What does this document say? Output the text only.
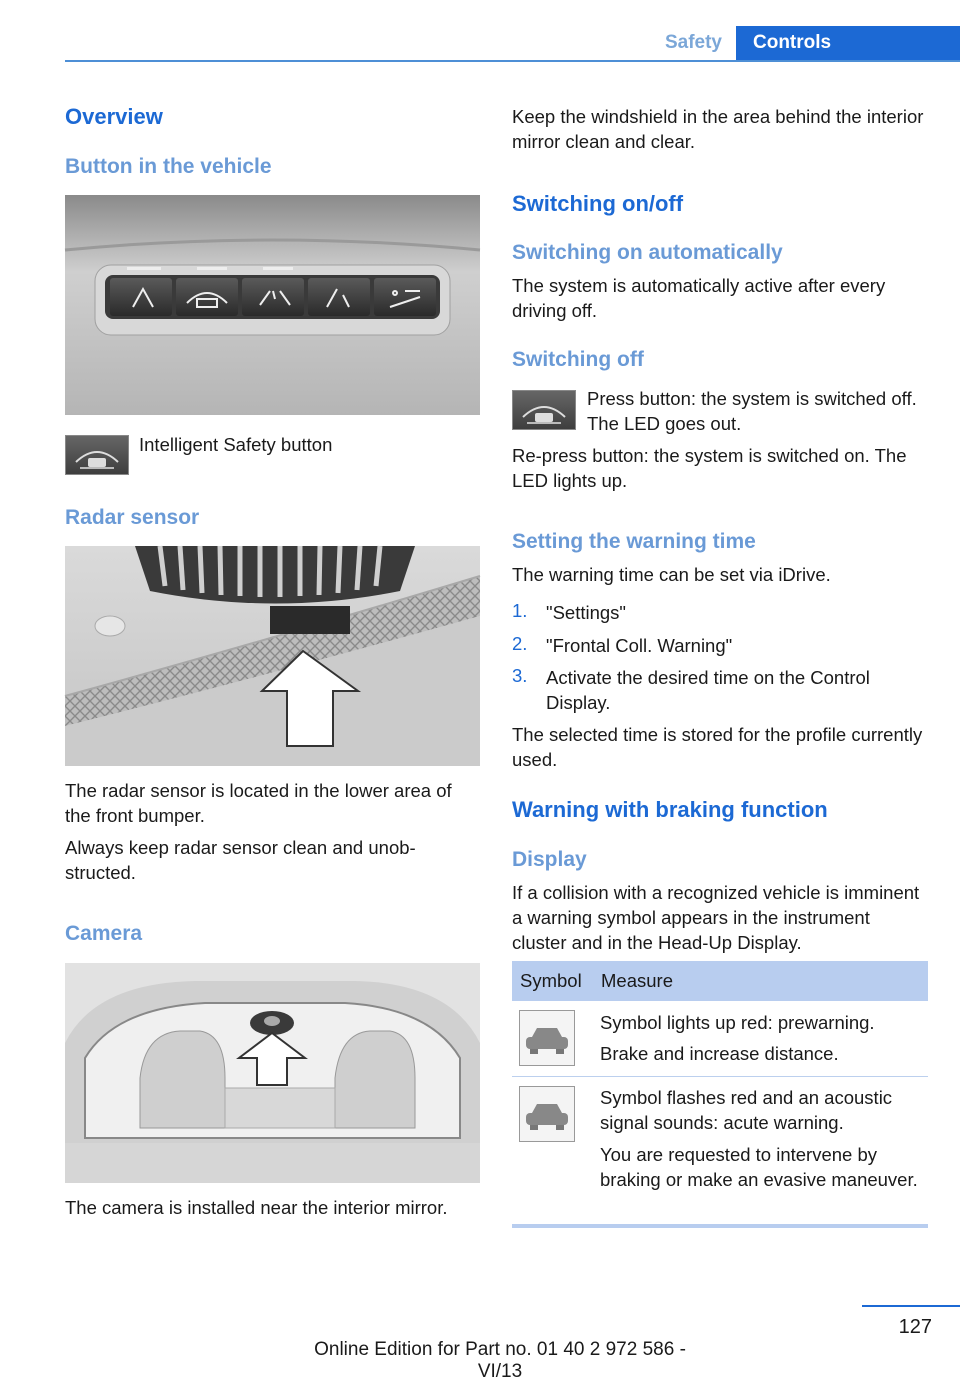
Safety	Controls
Overview
Button in the vehicle

Intelligent Safety button

Radar sensor

The radar sensor is located in the lower area of the front bumper.

Always keep radar sensor clean and unobstructed.

Camera

The camera is installed near the interior mirror.

Keep the windshield in the area behind the interior mirror clean and clear.

Switching on/off
Switching on automatically

The system is automatically active after every driving off.

Switching off

Press button: the system is switched off. The LED goes out.

Re-press button: the system is switched on. The LED lights up.

Setting the warning time

The warning time can be set via iDrive.

1. "Settings"

2. "Frontal Coll. Warning"

3. Activate the desired time on the Control Display.

The selected time is stored for the profile currently used.

Warning with braking function
Display

If a collision with a recognized vehicle is imminent a warning symbol appears in the instrument cluster and in the Head-Up Display.

Symbol Measure

Symbol lights up red: prewarning.

Brake and increase distance.

Symbol flashes red and an acoustic signal sounds: acute warning.

You are requested to intervene by braking or make an evasive maneuver.

127
Online Edition for Part no. 01 40 2 972 586 - VI/13
